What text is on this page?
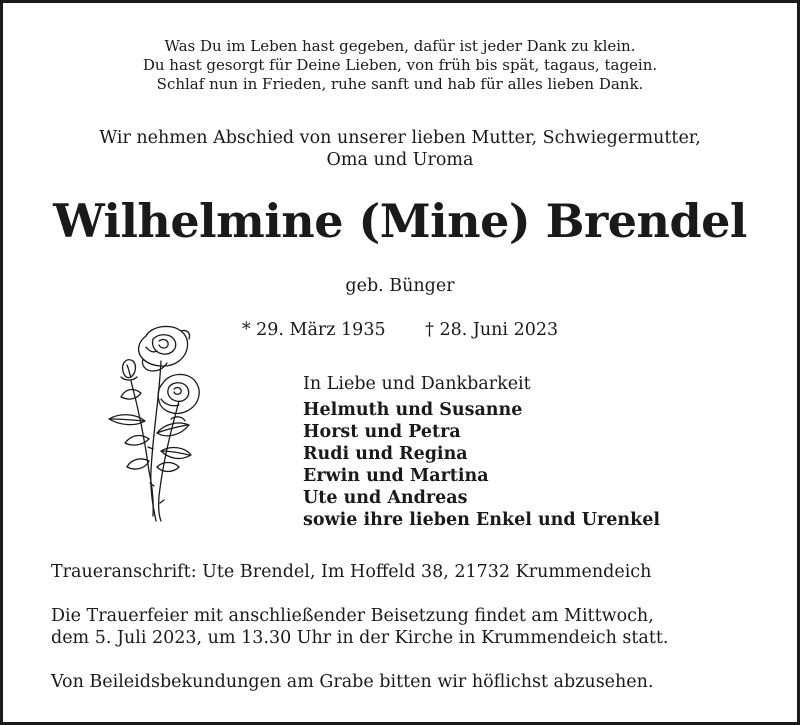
Was Du im Leben hast gegeben, dafür ist jeder Dank zu klein.
Du hast gesorgt für Deine Lieben, von früh bis spät, tagaus, tagein.
Schlaf nun in Frieden, ruhe sanft und hab für alles lieben Dank.
Wir nehmen Abschied von unserer lieben Mutter, Schwiegermutter,
Oma und Uroma
Wilhelmine (Mine) Brendel
geb. Bünger
* 29. März 1935 † 28. Juni 2023
In Liebe und Dankbarkeit
Helmuth und Susanne
Horst und Petra
Rudi und Regina
Erwin und Martina
Ute und Andreas
sowie ihre lieben Enkel und Urenkel

Traueranschrift: Ute Brendel, Im Hoffeld 38, 21732 Krummendeich

Die Trauerfeier mit anschließender Beisetzung findet am Mittwoch,
dem 5. Juli 2023, um 13.30 Uhr in der Kirche in Krummendeich statt.

Von Beileidsbekundungen am Grabe bitten wir höflichst abzusehen.
